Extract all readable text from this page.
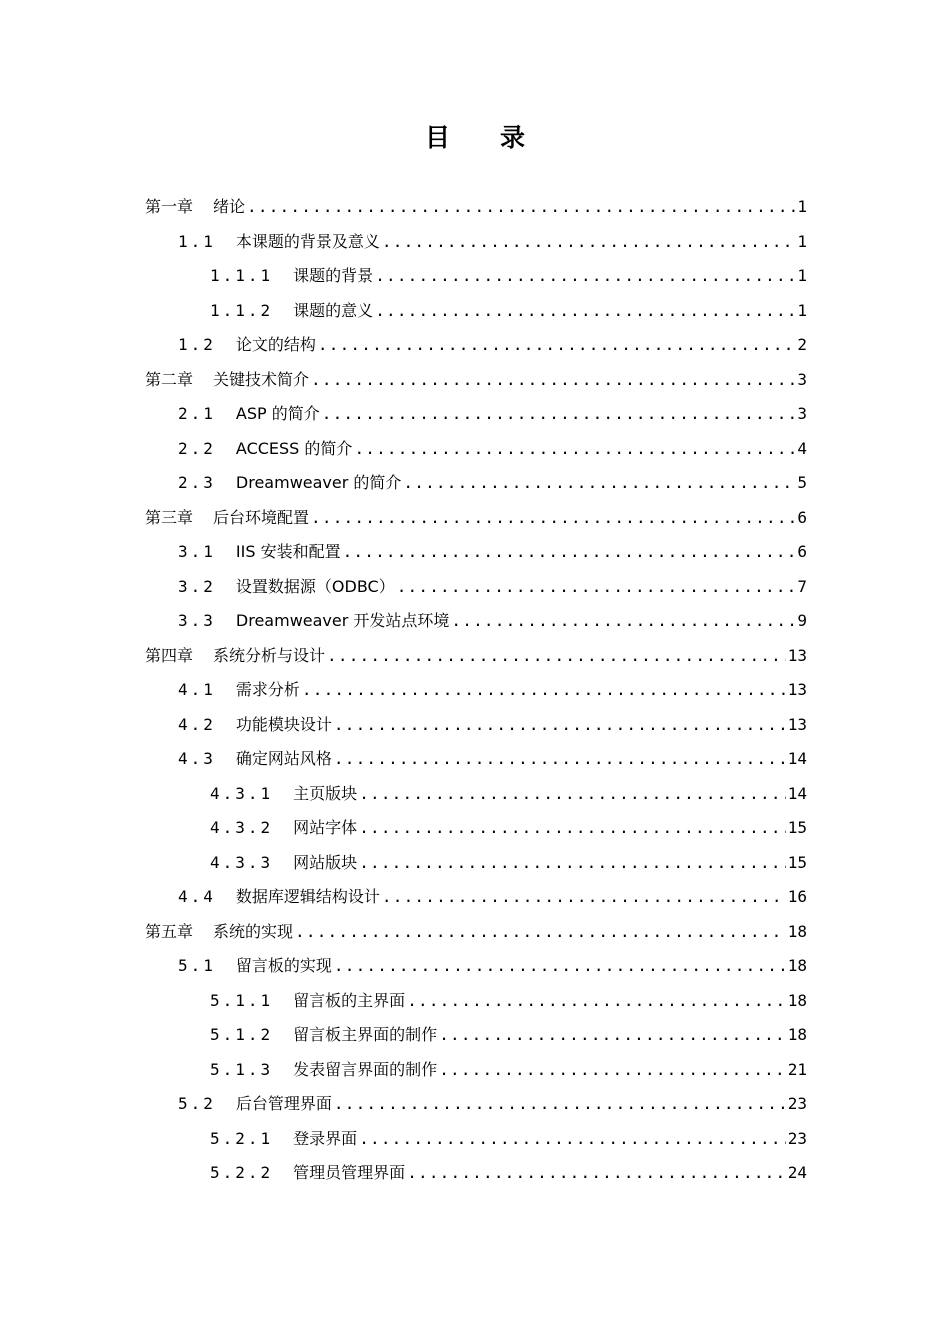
目 录
第一章 绪论 .....	1
1.1 本课题的背景及意义 .....	1
1.1.1 课题的背景 .....	1
1.1.2 课题的意义 .....	1
1.2 论文的结构 .....	2
第二章 关键技术简介 .....	3
2.1 ASP 的简介 .....	3
2.2 ACCESS 的简介 .....	4
2.3 Dreamweaver 的简介 .....	5
第三章 后台环境配置 .....	6
3.1 IIS 安装和配置 .....	6
3.2 设置数据源（ODBC） .....	7
3.3 Dreamweaver 开发站点环境 .....	9
第四章 系统分析与设计 .....	13
4.1 需求分析 .....	13
4.2 功能模块设计 .....	13
4.3 确定网站风格 .....	14
4.3.1 主页版块 .....	14
4.3.2 网站字体 .....	15
4.3.3 网站版块 .....	15
4.4 数据库逻辑结构设计 .....	16
第五章 系统的实现 .....	18
5.1 留言板的实现 .....	18
5.1.1 留言板的主界面 .....	18
5.1.2 留言板主界面的制作 .....	18
5.1.3 发表留言界面的制作 .....	21
5.2 后台管理界面 .....	23
5.2.1 登录界面 .....	23
5.2.2 管理员管理界面 .....	24
